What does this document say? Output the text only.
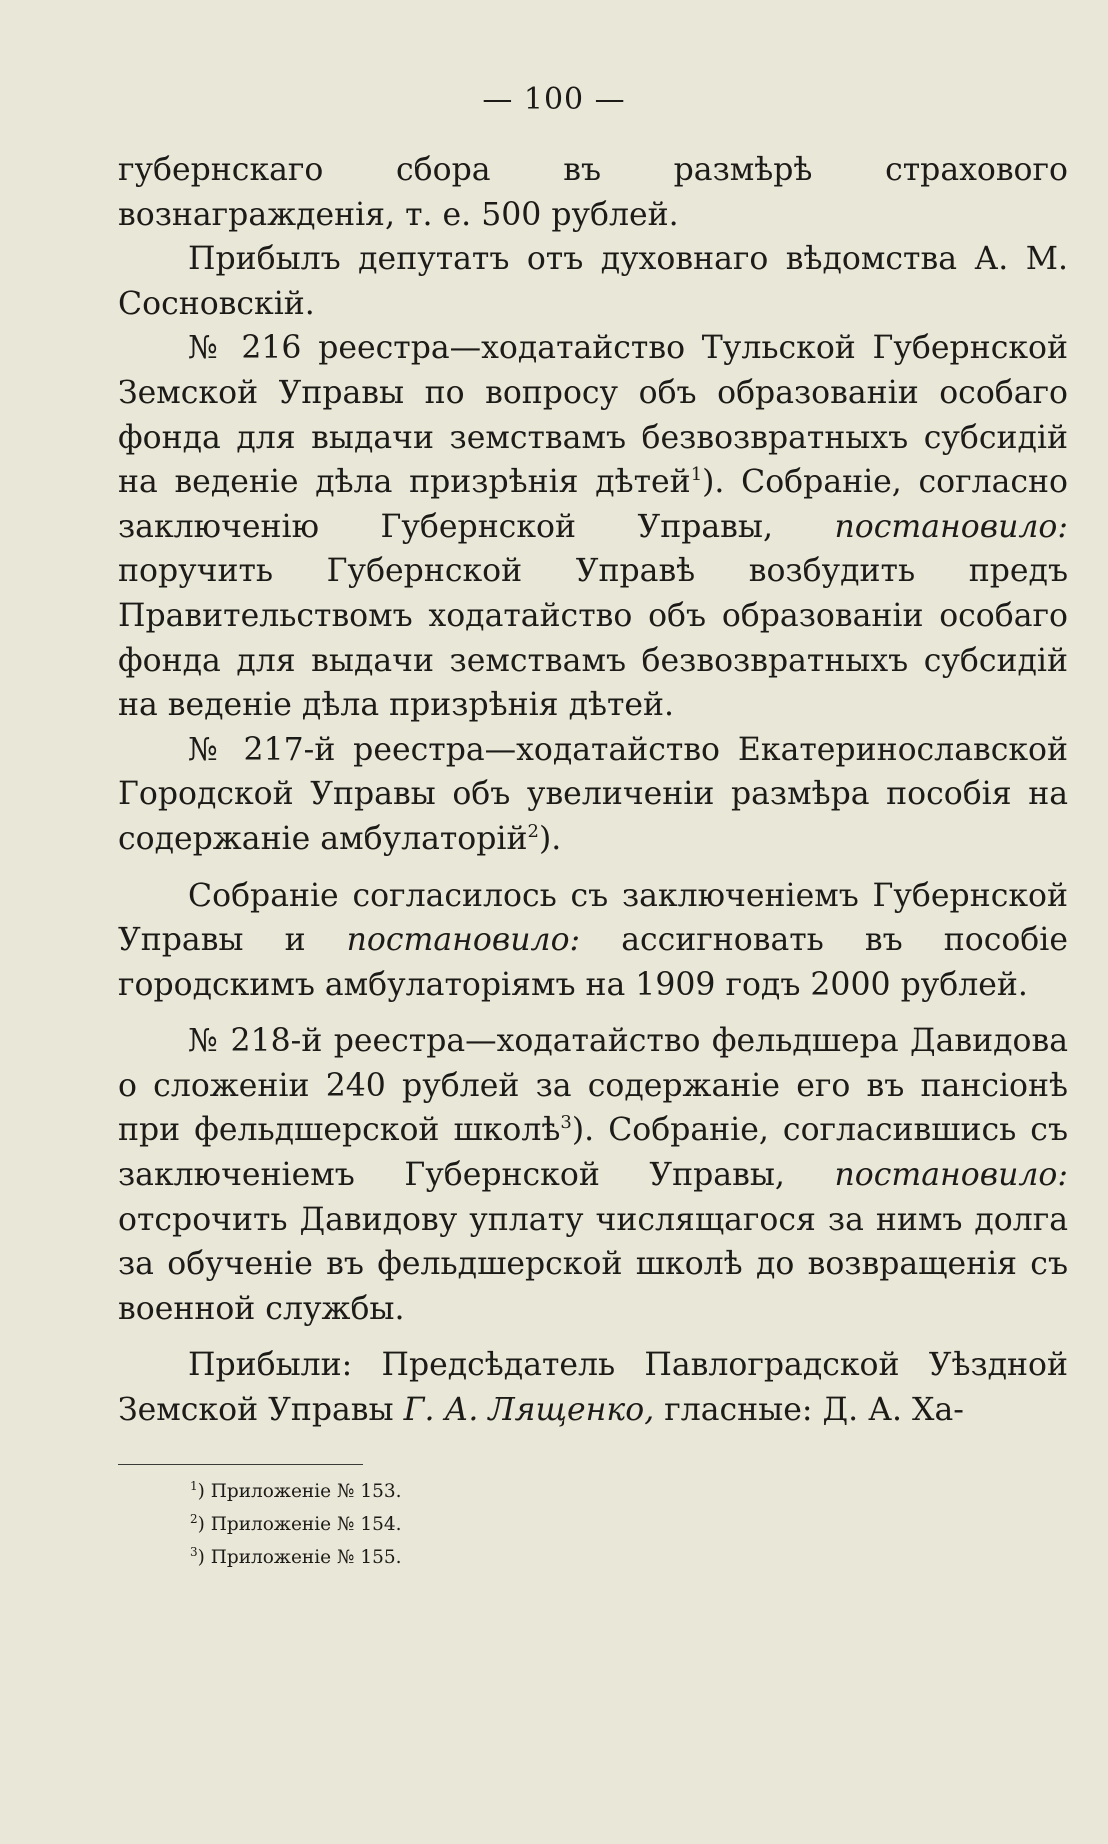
— 100 —

губернскаго сбора въ размѣрѣ страхового вознагражденія, т. е. 500 рублей.

Прибылъ депутатъ отъ духовнаго вѣдомства А. М. Сосновскій.

№ 216 реестра—ходатайство Тульской Губернской Земской Управы по вопросу объ образованіи особаго фонда для выдачи земствамъ безвозвратныхъ субсидій на веденіе дѣла призрѣнія дѣтей$^1$). Собраніе, согласно заключенію Губернской Управы, постановило: поручить Губернской Управѣ возбудить предъ Правительствомъ ходатайство объ образованіи особаго фонда для выдачи земствамъ безвозвратныхъ субсидій на веденіе дѣла призрѣнія дѣтей.

№ 217-й реестра—ходатайство Екатеринославской Городской Управы объ увеличеніи размѣра пособія на содержаніе амбулаторій$^2$).

Собраніе согласилось съ заключеніемъ Губернской Управы и постановило: ассигновать въ пособіе городскимъ амбулаторіямъ на 1909 годъ 2000 рублей.

№ 218-й реестра—ходатайство фельдшера Давидова о сложеніи 240 рублей за содержаніе его въ пансіонѣ при фельдшерской школѣ$^3$). Собраніе, согласившись съ заключеніемъ Губернской Управы, постановило: отсрочить Давидову уплату числящагося за нимъ долга за обученіе въ фельдшерской школѣ до возвращенія съ военной службы.

Прибыли: Предсѣдатель Павлоградской Уѣздной Земской Управы Г. А. Лященко, гласные: Д. А. Ха-

$^1$) Приложеніе № 153.
$^2$) Приложеніе № 154.
$^3$) Приложеніе № 155.
